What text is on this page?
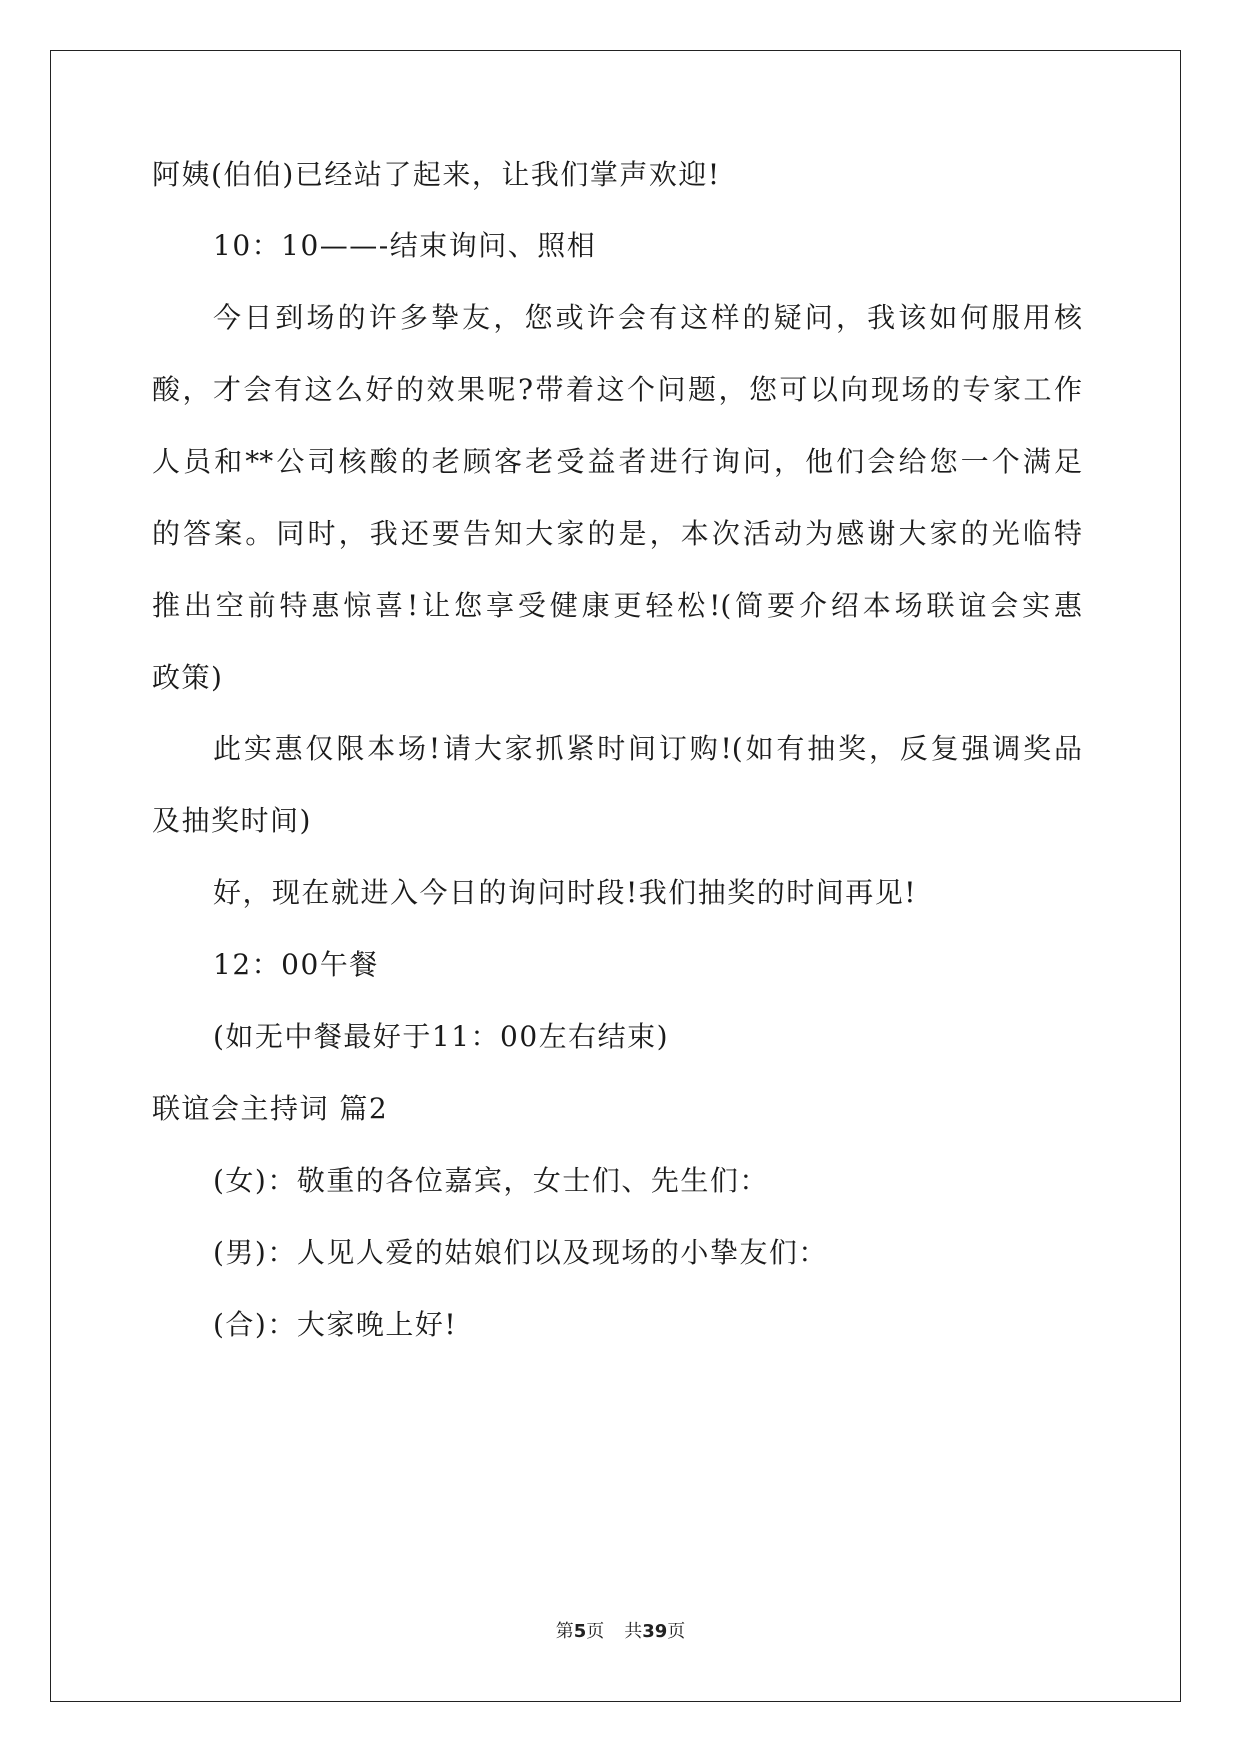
阿姨(伯伯)已经站了起来，让我们掌声欢迎!
10：10——-结束询问、照相
今日到场的许多挚友，您或许会有这样的疑问，我该如何服用核
酸，才会有这么好的效果呢?带着这个问题，您可以向现场的专家工作
人员和**公司核酸的老顾客老受益者进行询问，他们会给您一个满足
的答案。同时，我还要告知大家的是，本次活动为感谢大家的光临特
推出空前特惠惊喜!让您享受健康更轻松!(简要介绍本场联谊会实惠
政策)
此实惠仅限本场!请大家抓紧时间订购!(如有抽奖，反复强调奖品
及抽奖时间)
好，现在就进入今日的询问时段!我们抽奖的时间再见!
12：00午餐
(如无中餐最好于11：00左右结束)
联谊会主持词 篇2
(女)：敬重的各位嘉宾，女士们、先生们：
(男)：人见人爱的姑娘们以及现场的小挚友们：
(合)：大家晚上好!
第5页 共39页
